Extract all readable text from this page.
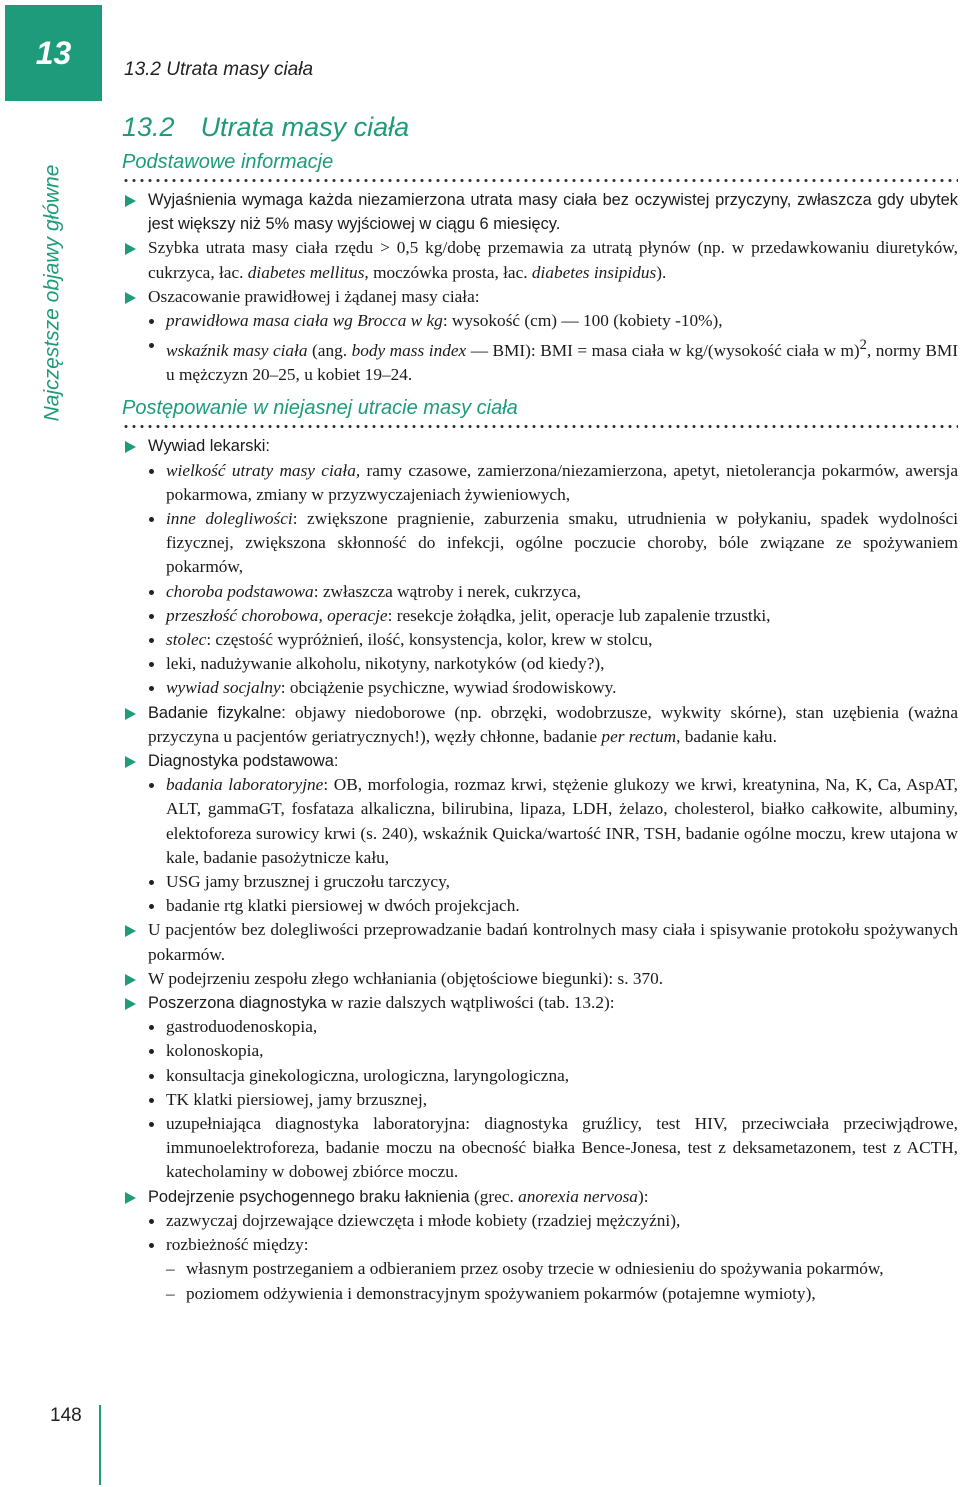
13
Najczęstsze objawy główne
148
13.2 Utrata masy ciała
13.2 Utrata masy ciała
Podstawowe informacje

Wyjaśnienia wymaga każda niezamierzona utrata masy ciała bez oczywistej przyczyny, zwłaszcza gdy ubytek jest większy niż 5% masy wyjściowej w ciągu 6 miesięcy.

Szybka utrata masy ciała rzędu > 0,5 kg/dobę przemawia za utratą płynów (np. w przedawkowaniu diuretyków, cukrzyca, łac. diabetes mellitus, moczówka prosta, łac. diabetes insipidus).

Oszacowanie prawidłowej i żądanej masy ciała:

prawidłowa masa ciała wg Brocca w kg: wysokość (cm) — 100 (kobiety -10%),

wskaźnik masy ciała (ang. body mass index — BMI): BMI = masa ciała w kg/(wysokość ciała w m)$^2$, normy BMI u mężczyzn 20–25, u kobiet 19–24.

Postępowanie w niejasnej utracie masy ciała

Wywiad lekarski:

wielkość utraty masy ciała, ramy czasowe, zamierzona/niezamierzona, apetyt, nietolerancja pokarmów, awersja pokarmowa, zmiany w przyzwyczajeniach żywieniowych,

inne dolegliwości: zwiększone pragnienie, zaburzenia smaku, utrudnienia w połykaniu, spadek wydolności fizycznej, zwiększona skłonność do infekcji, ogólne poczucie choroby, bóle związane ze spożywaniem pokarmów,

choroba podstawowa: zwłaszcza wątroby i nerek, cukrzyca,

przeszłość chorobowa, operacje: resekcje żołądka, jelit, operacje lub zapalenie trzustki,

stolec: częstość wypróżnień, ilość, konsystencja, kolor, krew w stolcu,

leki, nadużywanie alkoholu, nikotyny, narkotyków (od kiedy?),

wywiad socjalny: obciążenie psychiczne, wywiad środowiskowy.

Badanie fizykalne: objawy niedoborowe (np. obrzęki, wodobrzusze, wykwity skórne), stan uzębienia (ważna przyczyna u pacjentów geriatrycznych!), węzły chłonne, badanie per rectum, badanie kału.

Diagnostyka podstawowa:

badania laboratoryjne: OB, morfologia, rozmaz krwi, stężenie glukozy we krwi, kreatynina, Na, K, Ca, AspAT, ALT, gammaGT, fosfataza alkaliczna, bilirubina, lipaza, LDH, żelazo, cholesterol, białko całkowite, albuminy, elektoforeza surowicy krwi (s. 240), wskaźnik Quicka/wartość INR, TSH, badanie ogólne moczu, krew utajona w kale, badanie pasożytnicze kału,

USG jamy brzusznej i gruczołu tarczycy,

badanie rtg klatki piersiowej w dwóch projekcjach.

U pacjentów bez dolegliwości przeprowadzanie badań kontrolnych masy ciała i spisywanie protokołu spożywanych pokarmów.

W podejrzeniu zespołu złego wchłaniania (objętościowe biegunki): s. 370.

Poszerzona diagnostyka w razie dalszych wątpliwości (tab. 13.2):

gastroduodenoskopia,

kolonoskopia,

konsultacja ginekologiczna, urologiczna, laryngologiczna,

TK klatki piersiowej, jamy brzusznej,

uzupełniająca diagnostyka laboratoryjna: diagnostyka gruźlicy, test HIV, przeciwciała przeciwjądrowe, immunoelektroforeza, badanie moczu na obecność białka Bence-Jonesa, test z deksametazonem, test z ACTH, katecholaminy w dobowej zbiórce moczu.

Podejrzenie psychogennego braku łaknienia (grec. anorexia nervosa):

zazwyczaj dojrzewające dziewczęta i młode kobiety (rzadziej mężczyźni),

rozbieżność między:

– własnym postrzeganiem a odbieraniem przez osoby trzecie w odniesieniu do spożywania pokarmów,

– poziomem odżywienia i demonstracyjnym spożywaniem pokarmów (potajemne wymioty),
